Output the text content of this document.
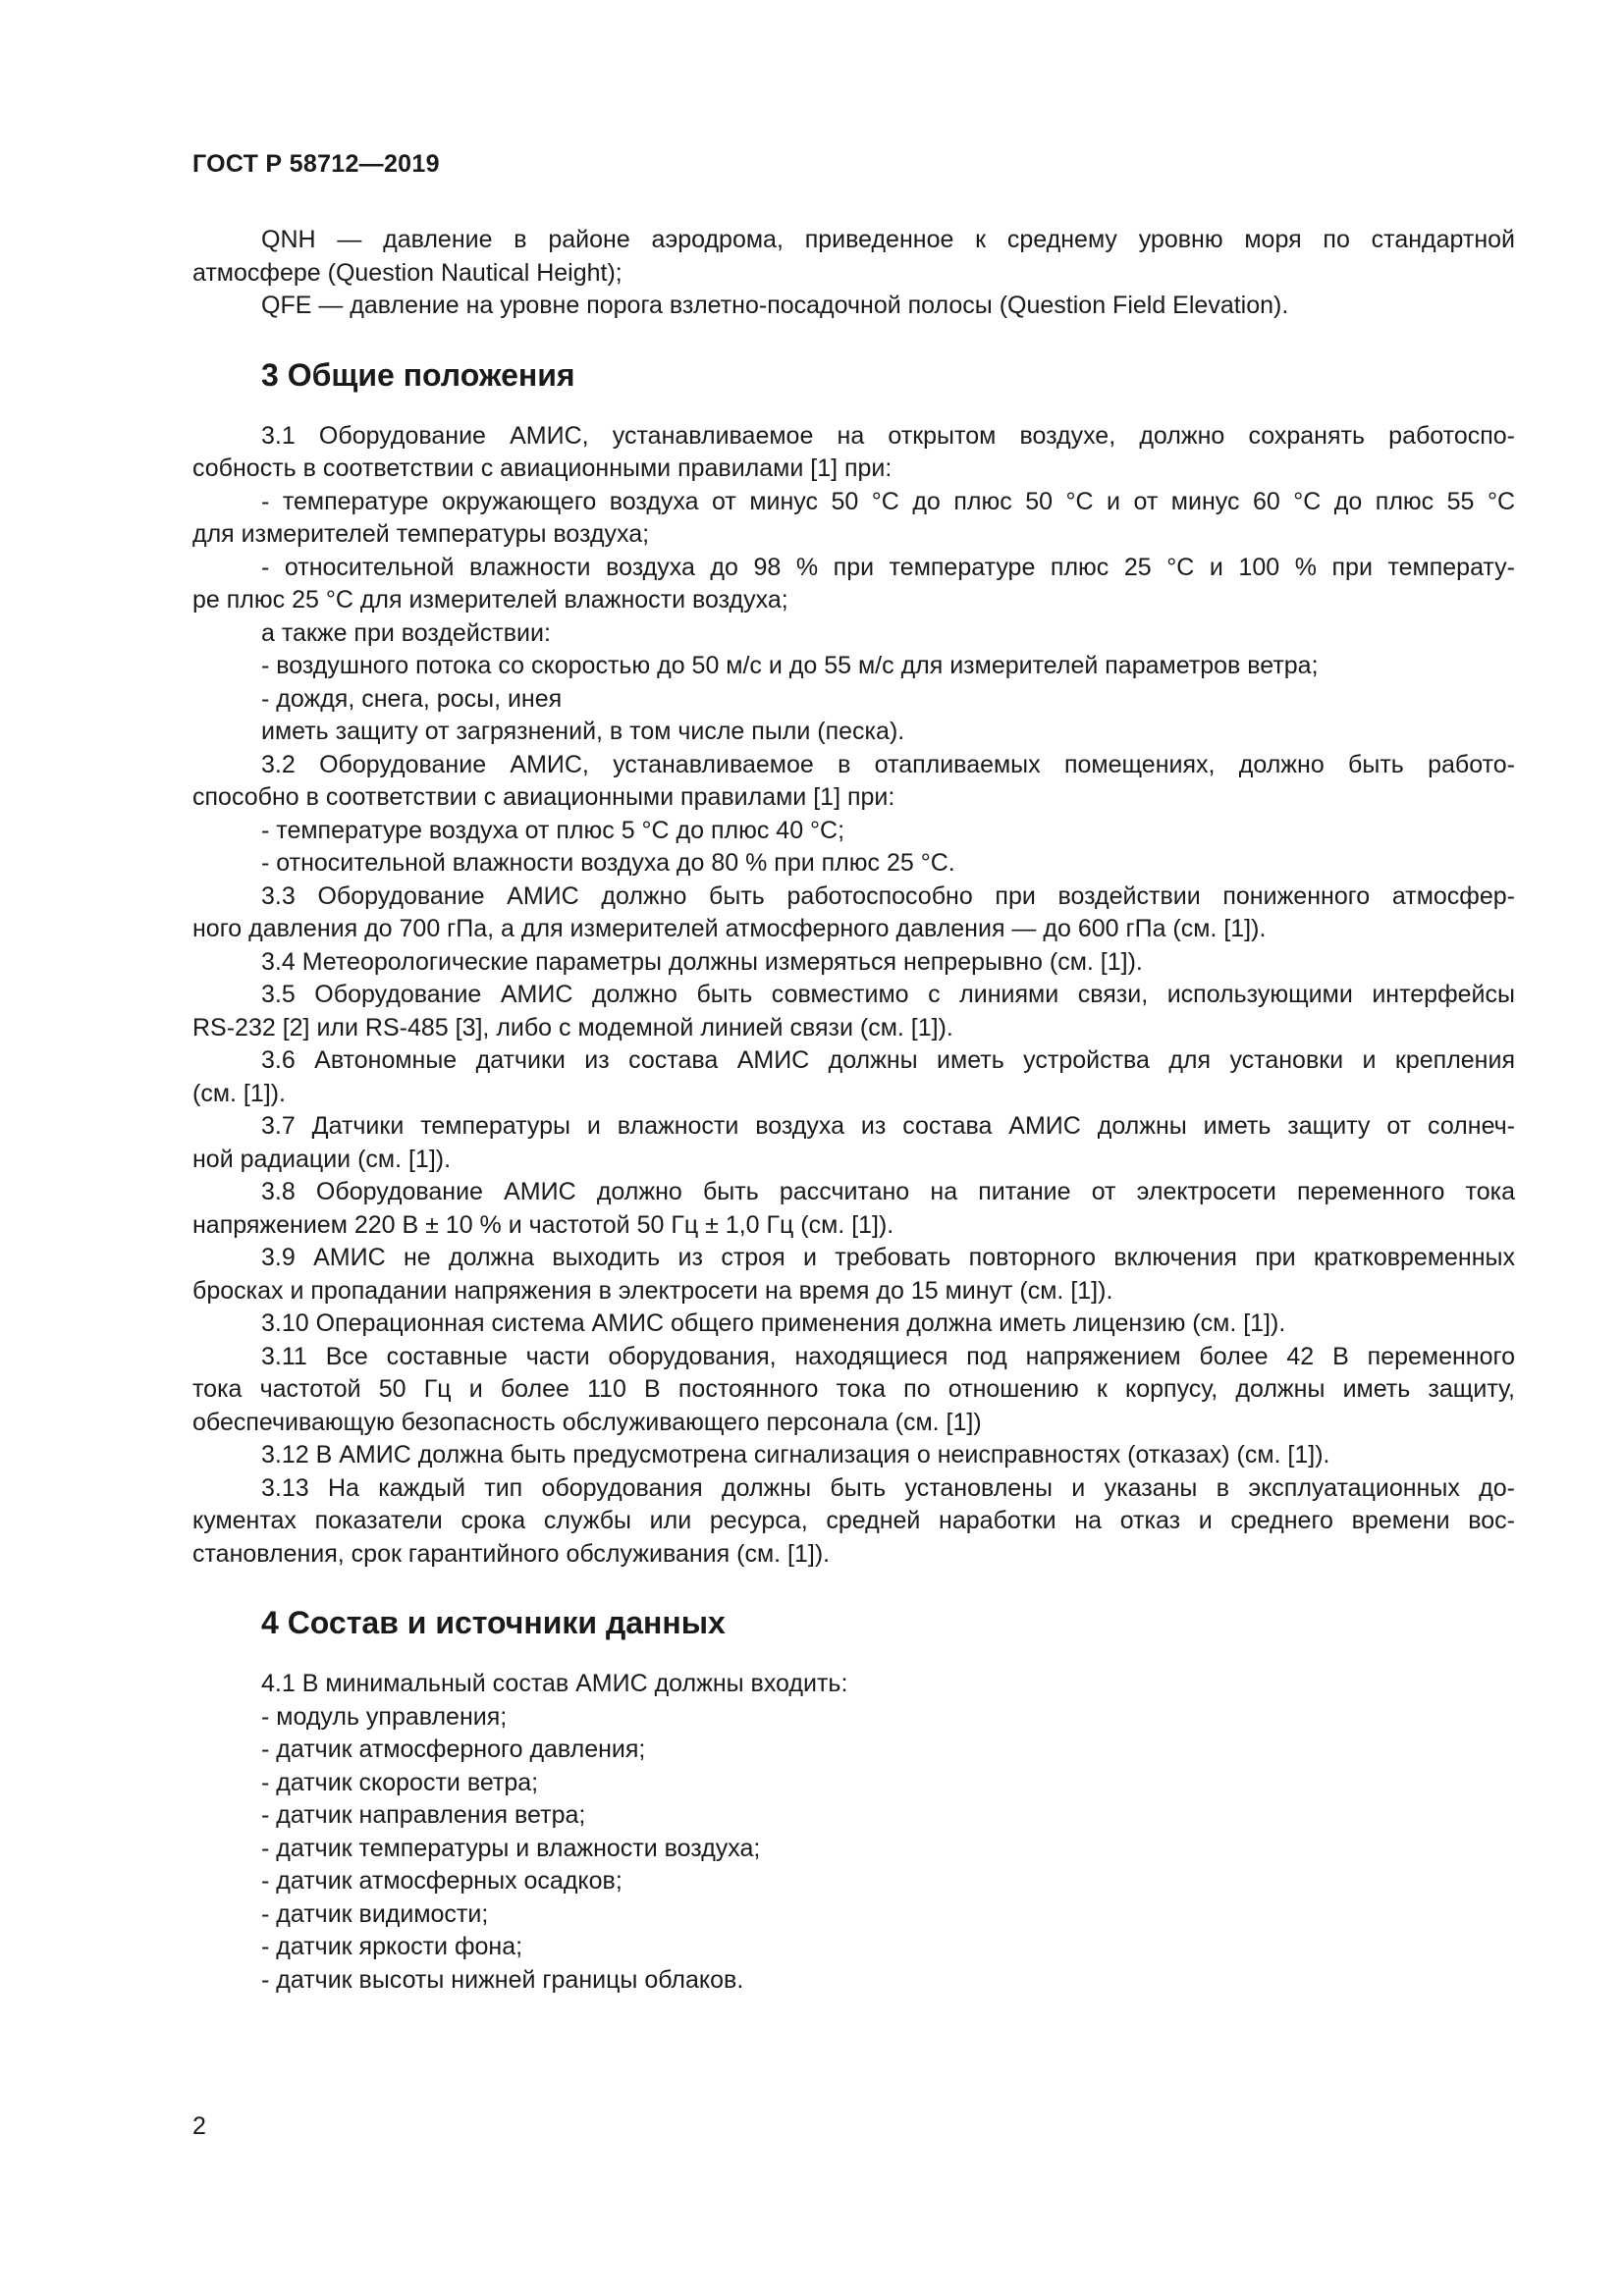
ГОСТ Р 58712—2019

QNH — давление в районе аэродрома, приведенное к среднему уровню моря по стандартной

атмосфере (Question Nautical Height);

QFE — давление на уровне порога взлетно-посадочной полосы (Question Field Elevation).

3 Общие положения

3.1 Оборудование АМИС, устанавливаемое на открытом воздухе, должно сохранять работоспо-

собность в соответствии с авиационными правилами [1] при:

- температуре окружающего воздуха от минус 50 °С до плюс 50 °С и от минус 60 °С до плюс 55 °С

для измерителей температуры воздуха;

- относительной влажности воздуха до 98 % при температуре плюс 25 °С и 100 % при температу-

ре плюс 25 °С для измерителей влажности воздуха;

а также при воздействии:

- воздушного потока со скоростью до 50 м/с и до 55 м/с для измерителей параметров ветра;

- дождя, снега, росы, инея

иметь защиту от загрязнений, в том числе пыли (песка).

3.2 Оборудование АМИС, устанавливаемое в отапливаемых помещениях, должно быть работо-

способно в соответствии с авиационными правилами [1] при:

- температуре воздуха от плюс 5 °С до плюс 40 °С;

- относительной влажности воздуха до 80 % при плюс 25 °С.

3.3 Оборудование АМИС должно быть работоспособно при воздействии пониженного атмосфер-

ного давления до 700 гПа, а для измерителей атмосферного давления — до 600 гПа (см. [1]).

3.4 Метеорологические параметры должны измеряться непрерывно (см. [1]).

3.5 Оборудование АМИС должно быть совместимо с линиями связи, использующими интерфейсы

RS-232 [2] или RS-485 [3], либо с модемной линией связи (см. [1]).

3.6 Автономные датчики из состава АМИС должны иметь устройства для установки и крепления

(см. [1]).

3.7 Датчики температуры и влажности воздуха из состава АМИС должны иметь защиту от солнеч-

ной радиации (см. [1]).

3.8 Оборудование АМИС должно быть рассчитано на питание от электросети переменного тока

напряжением 220 В ± 10 % и частотой 50 Гц ± 1,0 Гц (см. [1]).

3.9 АМИС не должна выходить из строя и требовать повторного включения при кратковременных

бросках и пропадании напряжения в электросети на время до 15 минут (см. [1]).

3.10 Операционная система АМИС общего применения должна иметь лицензию (см. [1]).

3.11 Все составные части оборудования, находящиеся под напряжением более 42 В переменного

тока частотой 50 Гц и более 110 В постоянного тока по отношению к корпусу, должны иметь защиту,

обеспечивающую безопасность обслуживающего персонала (см. [1])

3.12 В АМИС должна быть предусмотрена сигнализация о неисправностях (отказах) (см. [1]).

3.13 На каждый тип оборудования должны быть установлены и указаны в эксплуатационных до-

кументах показатели срока службы или ресурса, средней наработки на отказ и среднего времени вос-

становления, срок гарантийного обслуживания (см. [1]).

4 Состав и источники данных

4.1 В минимальный состав АМИС должны входить:

- модуль управления;

- датчик атмосферного давления;

- датчик скорости ветра;

- датчик направления ветра;

- датчик температуры и влажности воздуха;

- датчик атмосферных осадков;

- датчик видимости;

- датчик яркости фона;

- датчик высоты нижней границы облаков.

2
